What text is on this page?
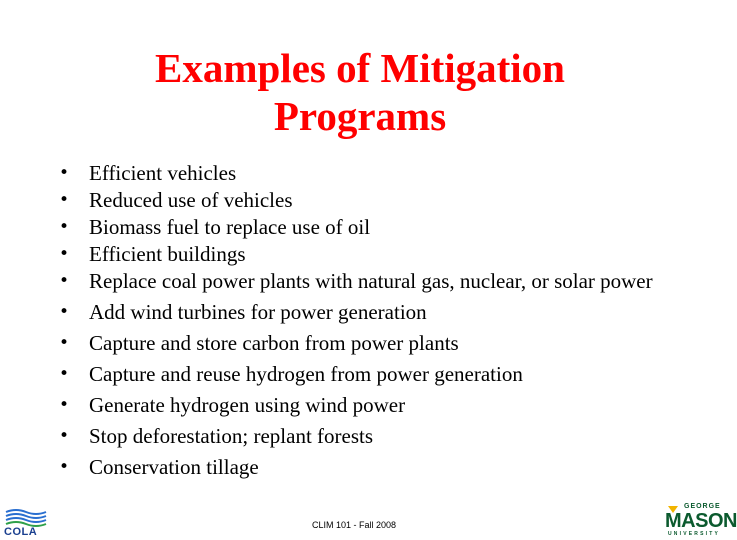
Examples of Mitigation
Programs
• Efficient vehicles
• Reduced use of vehicles
• Biomass fuel to replace use of oil
• Efficient buildings
• Replace coal power plants with natural gas, nuclear, or solar power
• Add wind turbines for power generation
• Capture and store carbon from power plants
• Capture and reuse hydrogen from power generation
• Generate hydrogen using wind power
• Stop deforestation; replant forests
• Conservation tillage
CLIM 101 - Fall 2008
COLA
GEORGE
MASON
UNIVERSITY
